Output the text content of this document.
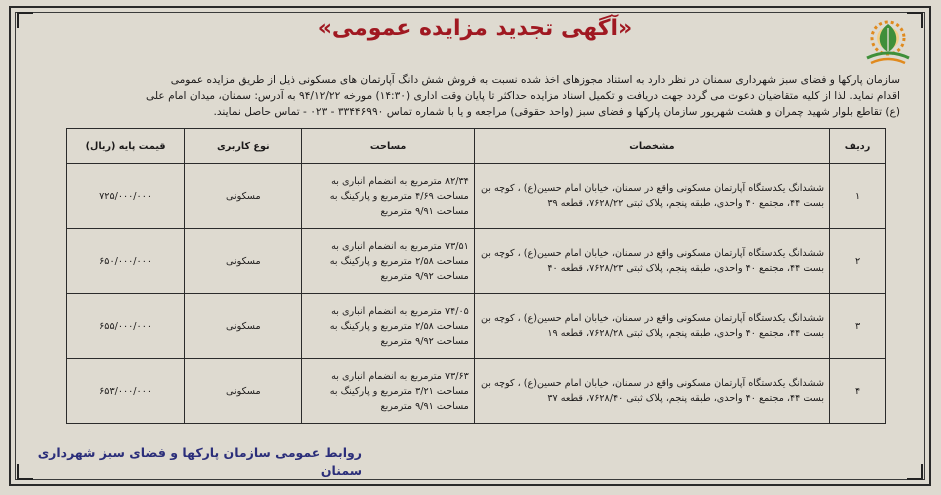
«آگهی تجدید مزایده عمومی»

سازمان پارکها و فضای سبز شهرداری سمنان در نظر دارد به استناد مجوزهای اخذ شده نسبت به فروش شش دانگ آپارتمان های مسکونی ذیل از طریق مزایده عمومی

اقدام نماید. لذا از کلیه متقاضیان دعوت می گردد جهت دریافت و تکمیل اسناد مزایده حداکثر تا پایان وقت اداری (۱۴:۳۰) مورخه ۹۴/۱۲/۲۲ به آدرس: سمنان، میدان امام علی

(ع) تقاطع بلوار شهید چمران و هشت شهریور سازمان پارکها و فضای سبز (واحد حقوقی) مراجعه و یا با شماره تماس ۳۳۴۴۶۹۹۰ - ۰۲۳ - تماس حاصل نمایند.

ردیف	مشخصات	مساحت	نوع کاربری	قیمت پایه (ریال)
۱	ششدانگ یکدستگاه آپارتمان مسکونی واقع در سمنان، خیابان امام حسین(ع) ، کوچه بن بست ۴۴، مجتمع ۴۰ واحدی، طبقه پنجم، پلاک ثبتی ۷۶۲۸/۲۲، قطعه ۳۹	۸۲/۳۴ مترمربع به انضمام انباری به مساحت ۴/۶۹ مترمربع و پارکینگ به مساحت ۹/۹۱ مترمربع	مسکونی	۷۲۵/۰۰۰/۰۰۰
۲	ششدانگ یکدستگاه آپارتمان مسکونی واقع در سمنان، خیابان امام حسین(ع) ، کوچه بن بست ۴۴، مجتمع ۴۰ واحدی، طبقه پنجم، پلاک ثبتی ۷۶۲۸/۲۳، قطعه ۴۰	۷۳/۵۱ مترمربع به انضمام انباری به مساحت ۲/۵۸ مترمربع و پارکینگ به مساحت ۹/۹۲ مترمربع	مسکونی	۶۵۰/۰۰۰/۰۰۰
۳	ششدانگ یکدستگاه آپارتمان مسکونی واقع در سمنان، خیابان امام حسین(ع) ، کوچه بن بست ۴۴، مجتمع ۴۰ واحدی، طبقه پنجم، پلاک ثبتی ۷۶۲۸/۲۸، قطعه ۱۹	۷۴/۰۵ مترمربع به انضمام انباری به مساحت ۲/۵۸ مترمربع و پارکینگ به مساحت ۹/۹۲ مترمربع	مسکونی	۶۵۵/۰۰۰/۰۰۰
۴	ششدانگ یکدستگاه آپارتمان مسکونی واقع در سمنان، خیابان امام حسین(ع) ، کوچه بن بست ۴۴، مجتمع ۴۰ واحدی، طبقه پنجم، پلاک ثبتی ۷۶۲۸/۴۰، قطعه ۳۷	۷۳/۶۳ مترمربع به انضمام انباری به مساحت ۳/۲۱ مترمربع و پارکینگ به مساحت ۹/۹۱ مترمربع	مسکونی	۶۵۳/۰۰۰/۰۰۰
روابط عمومی سازمان پارکها و فضای سبز شهرداری سمنان
